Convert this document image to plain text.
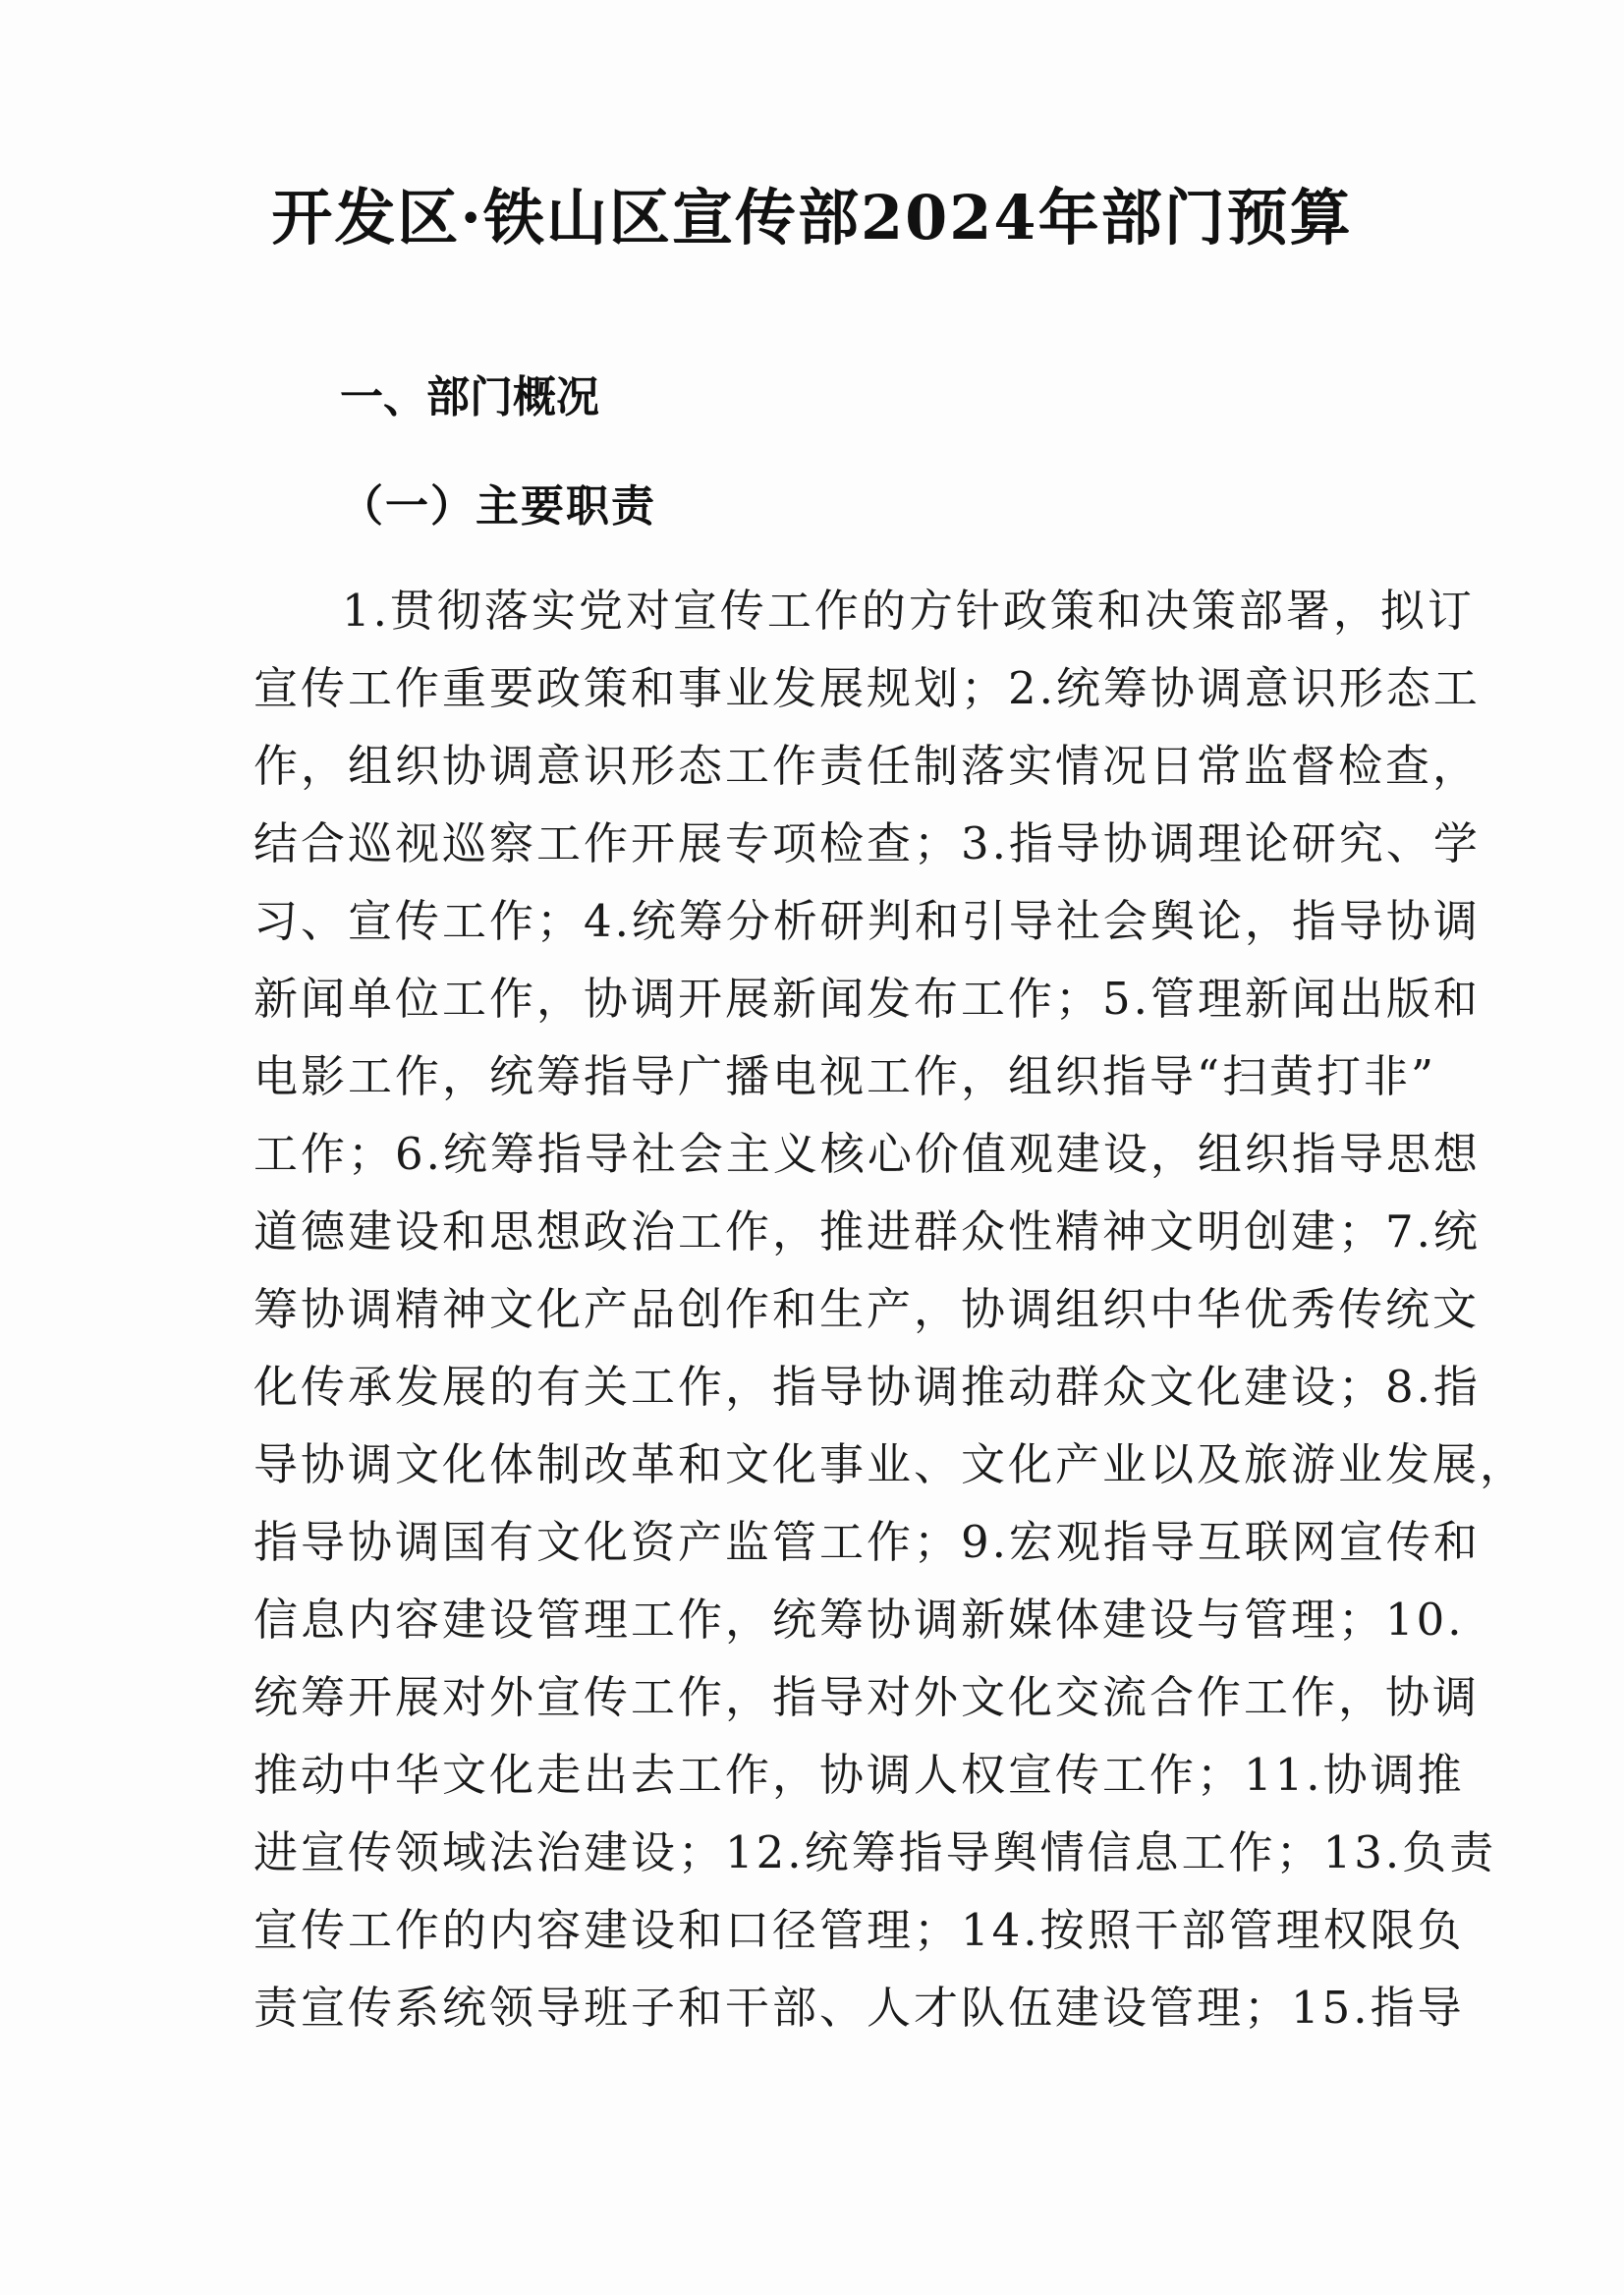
开发区·铁山区宣传部2024年部门预算
一、部门概况
（一）主要职责
1.贯彻落实党对宣传工作的方针政策和决策部署，拟订
宣传工作重要政策和事业发展规划；2.统筹协调意识形态工
作，组织协调意识形态工作责任制落实情况日常监督检查，
结合巡视巡察工作开展专项检查；3.指导协调理论研究、学
习、宣传工作；4.统筹分析研判和引导社会舆论，指导协调
新闻单位工作，协调开展新闻发布工作；5.管理新闻出版和
电影工作，统筹指导广播电视工作，组织指导“扫黄打非”
工作；6.统筹指导社会主义核心价值观建设，组织指导思想
道德建设和思想政治工作，推进群众性精神文明创建；7.统
筹协调精神文化产品创作和生产，协调组织中华优秀传统文
化传承发展的有关工作，指导协调推动群众文化建设；8.指
导协调文化体制改革和文化事业、文化产业以及旅游业发展，
指导协调国有文化资产监管工作；9.宏观指导互联网宣传和
信息内容建设管理工作，统筹协调新媒体建设与管理；10.
统筹开展对外宣传工作，指导对外文化交流合作工作，协调
推动中华文化走出去工作，协调人权宣传工作；11.协调推
进宣传领域法治建设；12.统筹指导舆情信息工作；13.负责
宣传工作的内容建设和口径管理；14.按照干部管理权限负
责宣传系统领导班子和干部、人才队伍建设管理；15.指导
